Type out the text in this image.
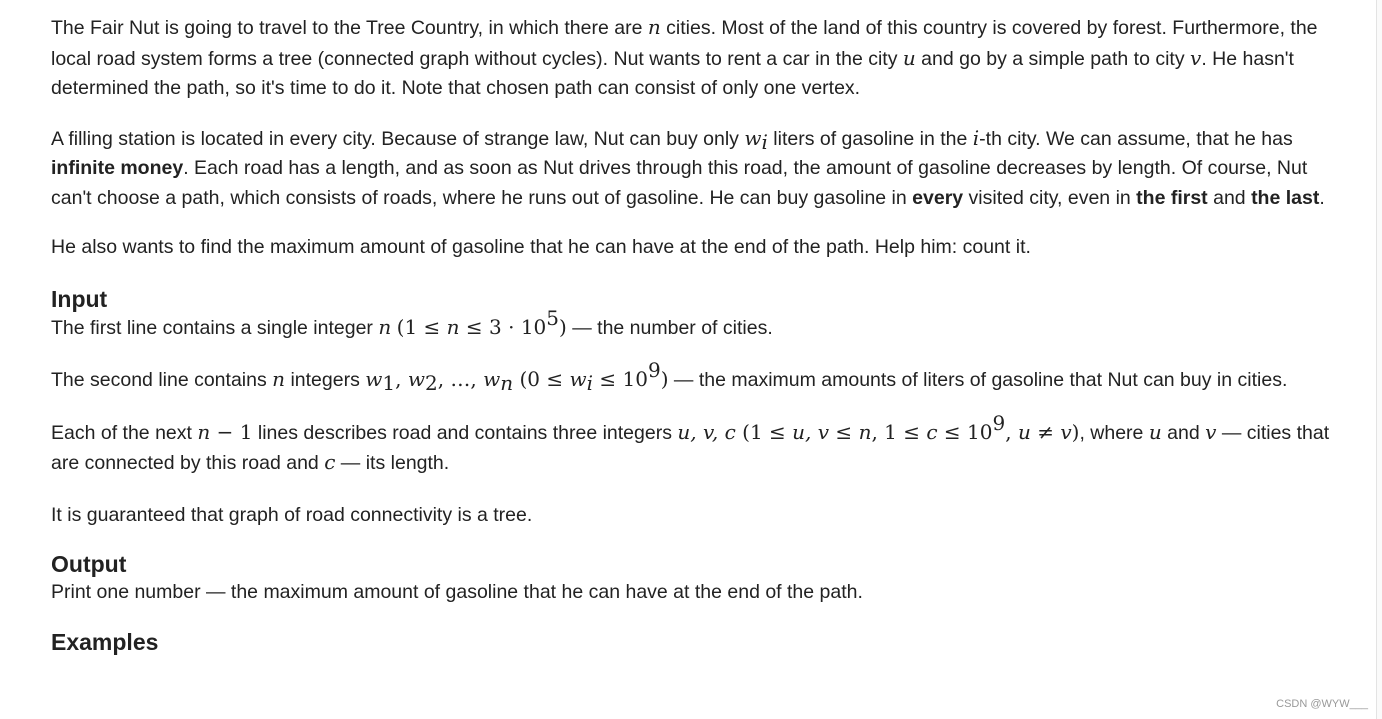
The Fair Nut is going to travel to the Tree Country, in which there are n cities. Most of the land of this country is covered by forest. Furthermore, the local road system forms a tree (connected graph without cycles). Nut wants to rent a car in the city u and go by a simple path to city v. He hasn't determined the path, so it's time to do it. Note that chosen path can consist of only one vertex.

A filling station is located in every city. Because of strange law, Nut can buy only $w_i$ liters of gasoline in the i-th city. We can assume, that he has infinite money. Each road has a length, and as soon as Nut drives through this road, the amount of gasoline decreases by length. Of course, Nut can't choose a path, which consists of roads, where he runs out of gasoline. He can buy gasoline in every visited city, even in the first and the last.

He also wants to find the maximum amount of gasoline that he can have at the end of the path. Help him: count it.

Input

The first line contains a single integer n $(1 \le n \le 3 \cdot 10^5)$ — the number of cities.

The second line contains n integers $w_1$, $w_2$, …, $w_n$ $(0 \le w_i \le 10^9)$ — the maximum amounts of liters of gasoline that Nut can buy in cities.

Each of the next n − 1 lines describes road and contains three integers u, v, c (1 ≤ u, v ≤ n, $1 \le c \le 10^9$, u ≠ v), where u and v — cities that are connected by this road and c — its length.

It is guaranteed that graph of road connectivity is a tree.

Output

Print one number — the maximum amount of gasoline that he can have at the end of the path.

Examples
CSDN @WYW___
